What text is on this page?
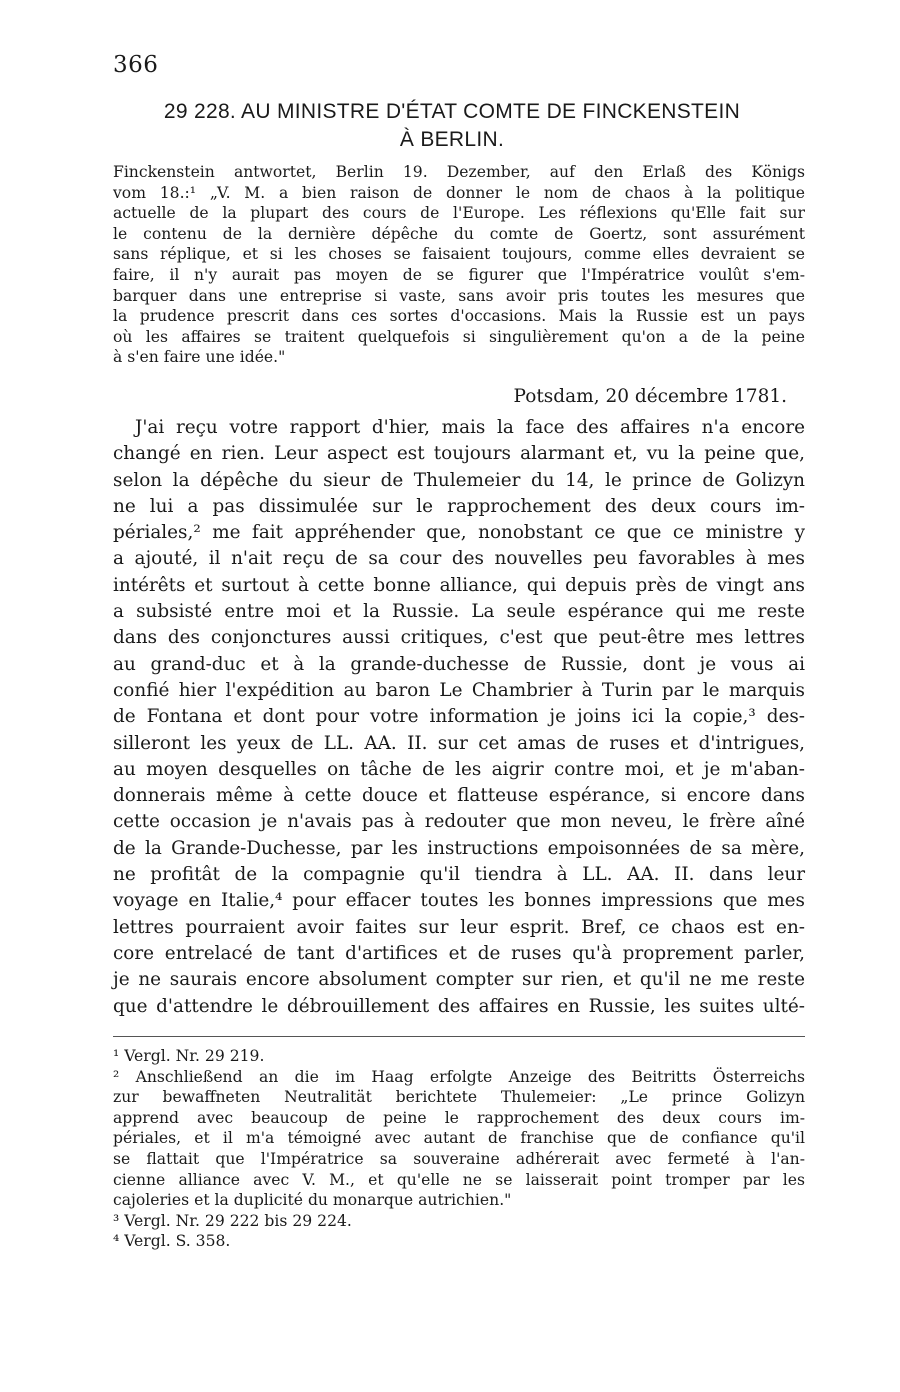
366
29 228. AU MINISTRE D'ÉTAT COMTE DE FINCKENSTEIN
À BERLIN.
Finckenstein antwortet, Berlin 19. Dezember, auf den Erlaß des Königs
vom 18.:¹ „V. M. a bien raison de donner le nom de chaos à la politique
actuelle de la plupart des cours de l'Europe. Les réflexions qu'Elle fait sur
le contenu de la dernière dépêche du comte de Goertz, sont assurément
sans réplique, et si les choses se faisaient toujours, comme elles devraient se
faire, il n'y aurait pas moyen de se figurer que l'Impératrice voulût s'em-
barquer dans une entreprise si vaste, sans avoir pris toutes les mesures que
la prudence prescrit dans ces sortes d'occasions. Mais la Russie est un pays
où les affaires se traitent quelquefois si singulièrement qu'on a de la peine
à s'en faire une idée."
Potsdam, 20 décembre 1781.
J'ai reçu votre rapport d'hier, mais la face des affaires n'a encore
changé en rien. Leur aspect est toujours alarmant et, vu la peine que,
selon la dépêche du sieur de Thulemeier du 14, le prince de Golizyn
ne lui a pas dissimulée sur le rapprochement des deux cours im-
périales,² me fait appréhender que, nonobstant ce que ce ministre y
a ajouté, il n'ait reçu de sa cour des nouvelles peu favorables à mes
intérêts et surtout à cette bonne alliance, qui depuis près de vingt ans
a subsisté entre moi et la Russie. La seule espérance qui me reste
dans des conjonctures aussi critiques, c'est que peut-être mes lettres
au grand-duc et à la grande-duchesse de Russie, dont je vous ai
confié hier l'expédition au baron Le Chambrier à Turin par le marquis
de Fontana et dont pour votre information je joins ici la copie,³ des-
silleront les yeux de LL. AA. II. sur cet amas de ruses et d'intrigues,
au moyen desquelles on tâche de les aigrir contre moi, et je m'aban-
donnerais même à cette douce et flatteuse espérance, si encore dans
cette occasion je n'avais pas à redouter que mon neveu, le frère aîné
de la Grande-Duchesse, par les instructions empoisonnées de sa mère,
ne profitât de la compagnie qu'il tiendra à LL. AA. II. dans leur
voyage en Italie,⁴ pour effacer toutes les bonnes impressions que mes
lettres pourraient avoir faites sur leur esprit. Bref, ce chaos est en-
core entrelacé de tant d'artifices et de ruses qu'à proprement parler,
je ne saurais encore absolument compter sur rien, et qu'il ne me reste
que d'attendre le débrouillement des affaires en Russie, les suites ulté-
¹ Vergl. Nr. 29 219.
² Anschließend an die im Haag erfolgte Anzeige des Beitritts Österreichs
zur bewaffneten Neutralität berichtete Thulemeier: „Le prince Golizyn
apprend avec beaucoup de peine le rapprochement des deux cours im-
périales, et il m'a témoigné avec autant de franchise que de confiance qu'il
se flattait que l'Impératrice sa souveraine adhérerait avec fermeté à l'an-
cienne alliance avec V. M., et qu'elle ne se laisserait point tromper par les
cajoleries et la duplicité du monarque autrichien."
³ Vergl. Nr. 29 222 bis 29 224.
⁴ Vergl. S. 358.
